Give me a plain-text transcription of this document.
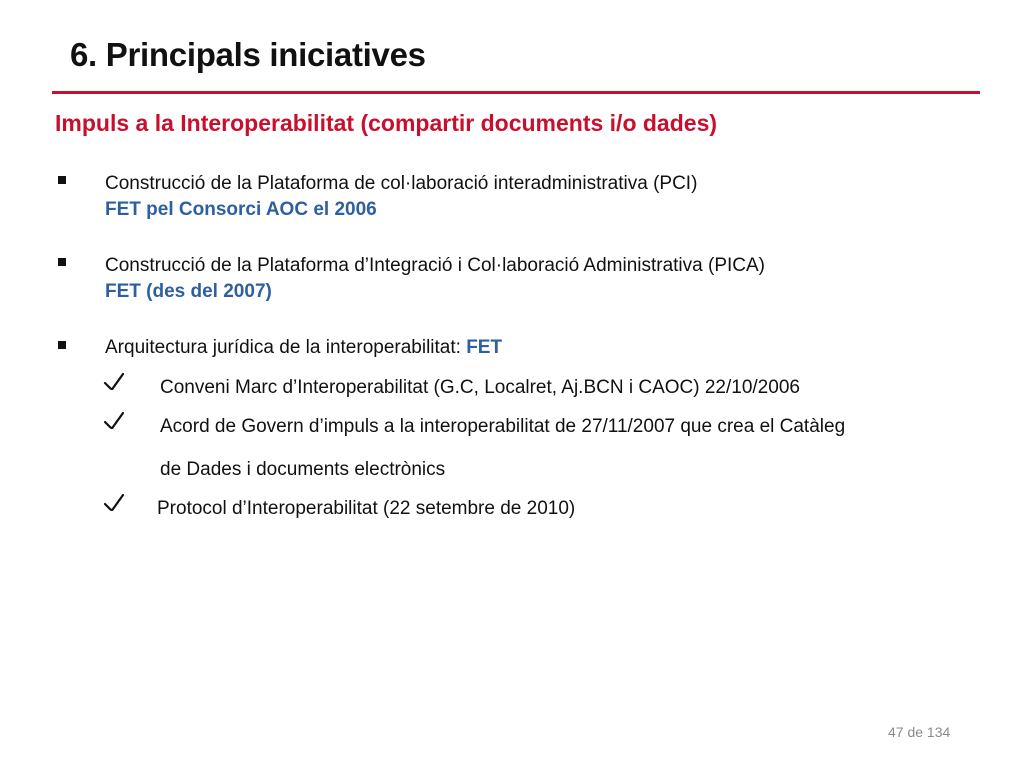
6. Principals iniciatives
Impuls a la Interoperabilitat (compartir documents i/o dades)

Construcció de la Plataforma de col·laboració interadministrativa (PCI)

FET pel Consorci AOC el 2006

Construcció de la Plataforma d’Integració i Col·laboració Administrativa (PICA)

FET (des del 2007)

Arquitectura jurídica de la interoperabilitat: FET

Conveni Marc d’Interoperabilitat (G.C, Localret, Aj.BCN i CAOC) 22/10/2006

Acord de Govern d’impuls a la interoperabilitat de 27/11/2007 que crea el Catàleg

de Dades i documents electrònics

Protocol d’Interoperabilitat (22 setembre de 2010)

47 de 134
